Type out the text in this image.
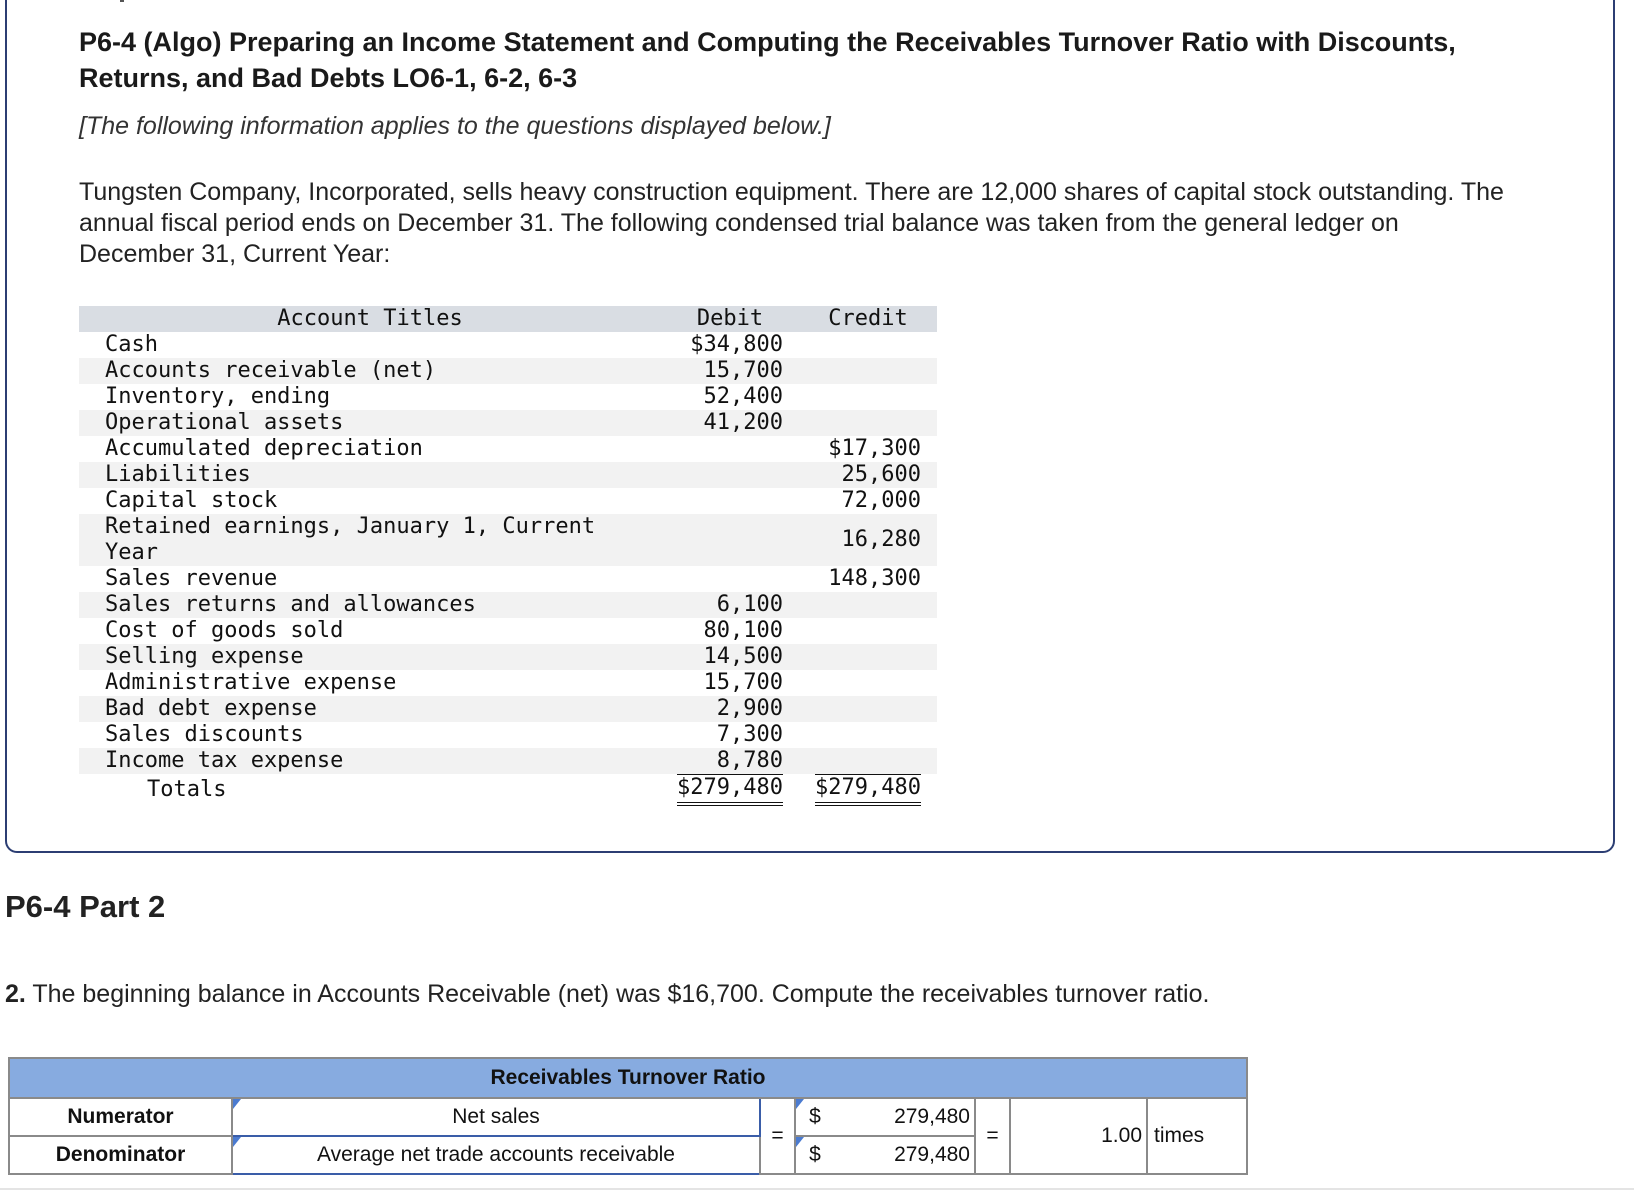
P6-4 (Algo) Preparing an Income Statement and Computing the Receivables Turnover Ratio with Discounts, Returns, and Bad Debts LO6-1, 6-2, 6-3
[The following information applies to the questions displayed below.]
Tungsten Company, Incorporated, sells heavy construction equipment. There are 12,000 shares of capital stock outstanding. The annual fiscal period ends on December 31. The following condensed trial balance was taken from the general ledger on December 31, Current Year:
Account Titles	Debit	Credit
Cash	$34,800	
Accounts receivable (net)	15,700	
Inventory, ending	52,400	
Operational assets	41,200	
Accumulated depreciation		$17,300
Liabilities		25,600
Capital stock		72,000
Retained earnings, January 1, Current Year		16,280
Sales revenue		148,300
Sales returns and allowances	6,100	
Cost of goods sold	80,100	
Selling expense	14,500	
Administrative expense	15,700	
Bad debt expense	2,900	
Sales discounts	7,300	
Income tax expense	8,780	
Totals	$279,480	$279,480
P6-4 Part 2
2. The beginning balance in Accounts Receivable (net) was $16,700. Compute the receivables turnover ratio.
Receivables Turnover Ratio							
Numerator	Net sales	=	$	279,480	=	1.00	times
Denominator	Average net trade accounts receivable		$	279,480			
